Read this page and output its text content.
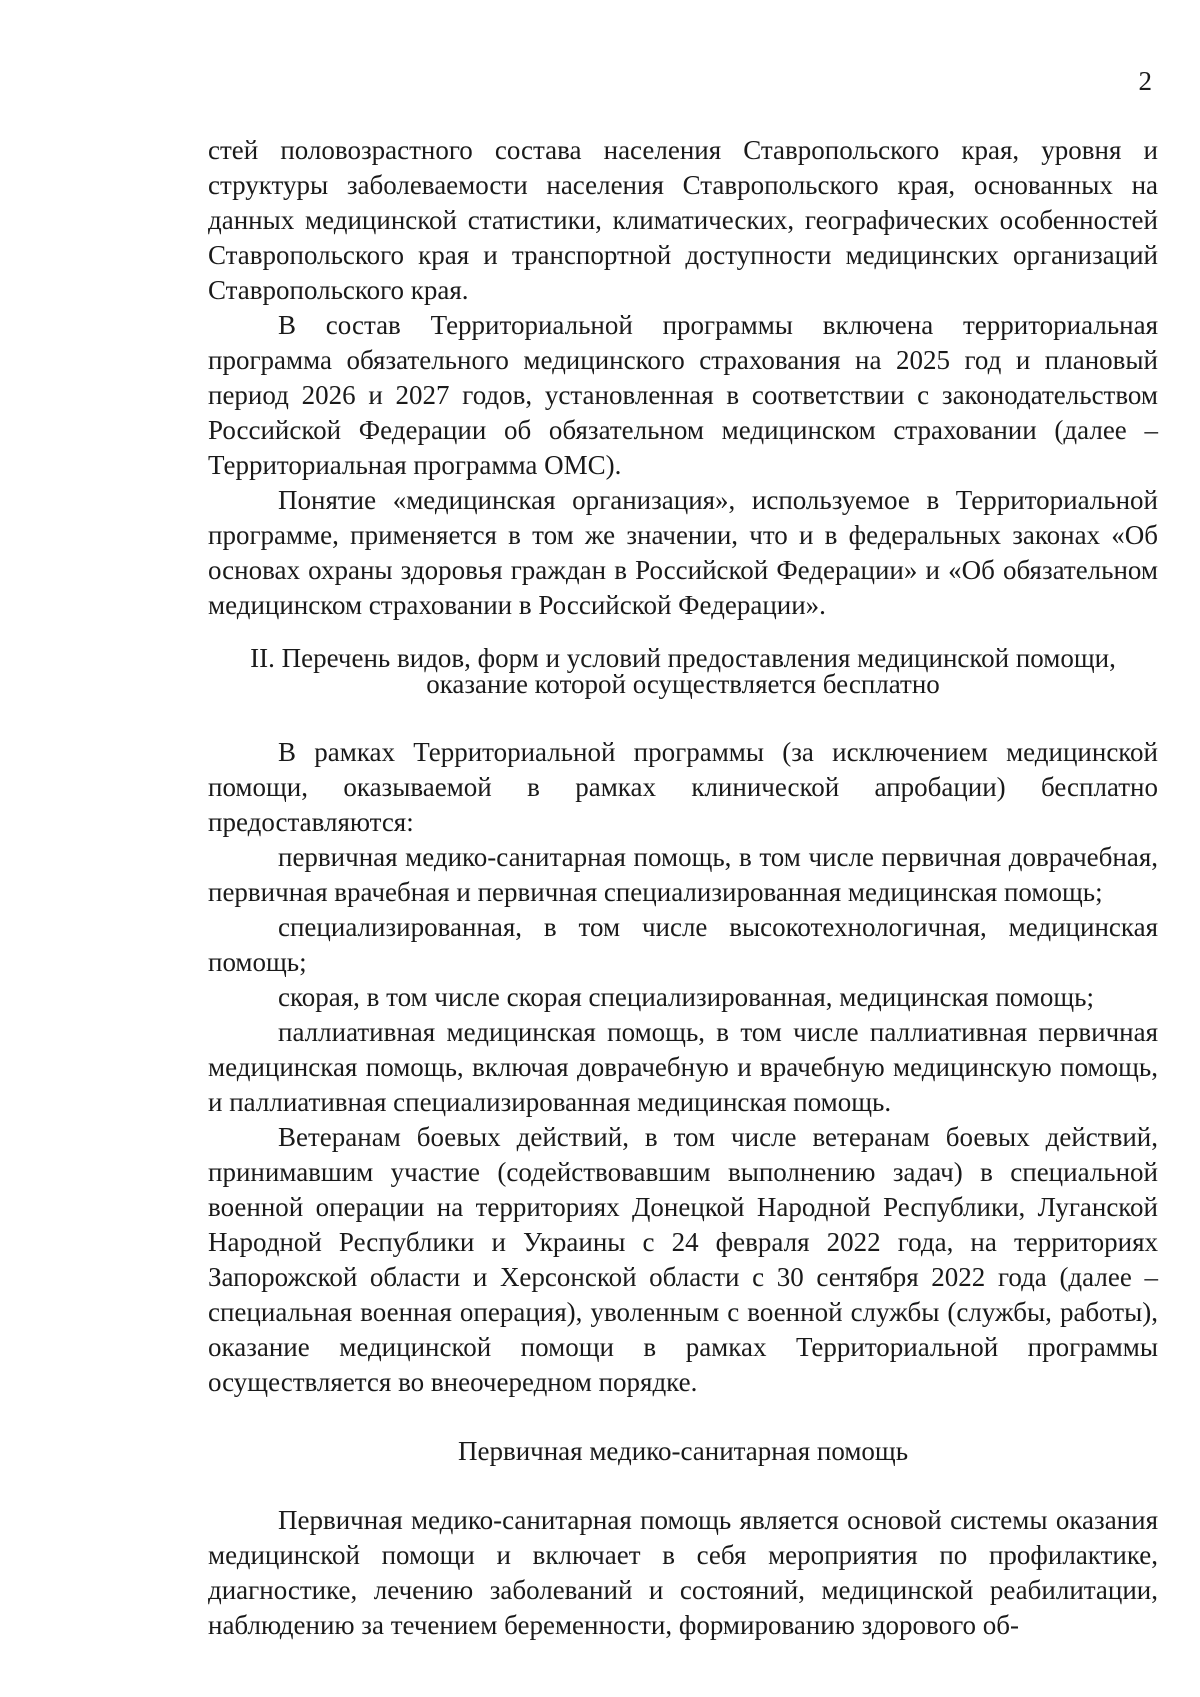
2

стей половозрастного состава населения Ставропольского края, уровня и структуры заболеваемости населения Ставропольского края, основанных на данных медицинской статистики, климатических, географических особенностей Ставропольского края и транспортной доступности медицинских организаций Ставропольского края.

В состав Территориальной программы включена территориальная программа обязательного медицинского страхования на 2025 год и плановый период 2026 и 2027 годов, установленная в соответствии с законодательством Российской Федерации об обязательном медицинском страховании (далее – Территориальная программа ОМС).

Понятие «медицинская организация», используемое в Территориальной программе, применяется в том же значении, что и в федеральных законах «Об основах охраны здоровья граждан в Российской Федерации» и «Об обязательном медицинском страховании в Российской Федерации».

II. Перечень видов, форм и условий предоставления медицинской помощи,
оказание которой осуществляется бесплатно

В рамках Территориальной программы (за исключением медицинской помощи, оказываемой в рамках клинической апробации) бесплатно предоставляются:

первичная медико-санитарная помощь, в том числе первичная доврачебная, первичная врачебная и первичная специализированная медицинская помощь;

специализированная, в том числе высокотехнологичная, медицинская помощь;

скорая, в том числе скорая специализированная, медицинская помощь;

паллиативная медицинская помощь, в том числе паллиативная первичная медицинская помощь, включая доврачебную и врачебную медицинскую помощь, и паллиативная специализированная медицинская помощь.

Ветеранам боевых действий, в том числе ветеранам боевых действий, принимавшим участие (содействовавшим выполнению задач) в специальной военной операции на территориях Донецкой Народной Республики, Луганской Народной Республики и Украины с 24 февраля 2022 года, на территориях Запорожской области и Херсонской области с 30 сентября 2022 года (далее – специальная военная операция), уволенным с военной службы (службы, работы), оказание медицинской помощи в рамках Территориальной программы осуществляется во внеочередном порядке.

Первичная медико-санитарная помощь

Первичная медико-санитарная помощь является основой системы оказания медицинской помощи и включает в себя мероприятия по профилактике, диагностике, лечению заболеваний и состояний, медицинской реабилитации, наблюдению за течением беременности, формированию здорового об-
